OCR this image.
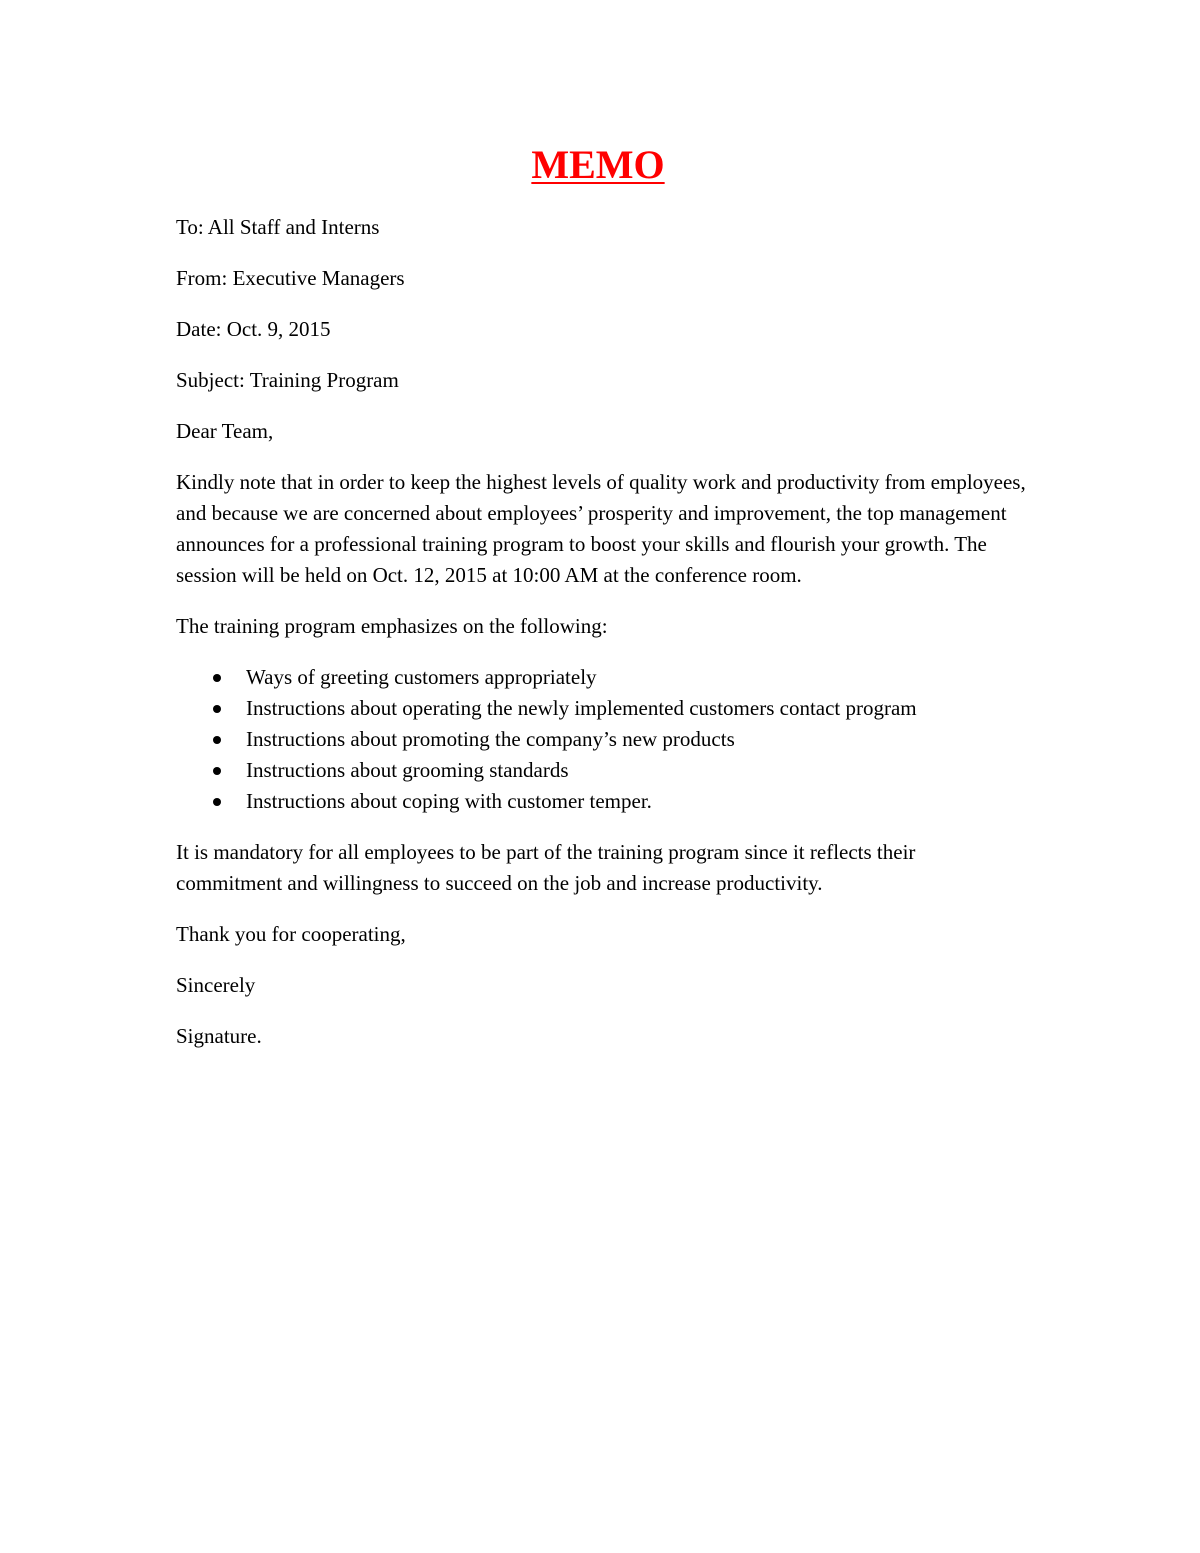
MEMO

To: All Staff and Interns

From: Executive Managers

Date: Oct. 9, 2015

Subject: Training Program

Dear Team,

Kindly note that in order to keep the highest levels of quality work and productivity from employees, and because we are concerned about employees’ prosperity and improvement, the top management announces for a professional training program to boost your skills and flourish your growth. The session will be held on Oct. 12, 2015 at 10:00 AM at the conference room.

The training program emphasizes on the following:

Ways of greeting customers appropriately
Instructions about operating the newly implemented customers contact program
Instructions about promoting the company’s new products
Instructions about grooming standards
Instructions about coping with customer temper.

It is mandatory for all employees to be part of the training program since it reflects their commitment and willingness to succeed on the job and increase productivity.

Thank you for cooperating,

Sincerely

Signature.
